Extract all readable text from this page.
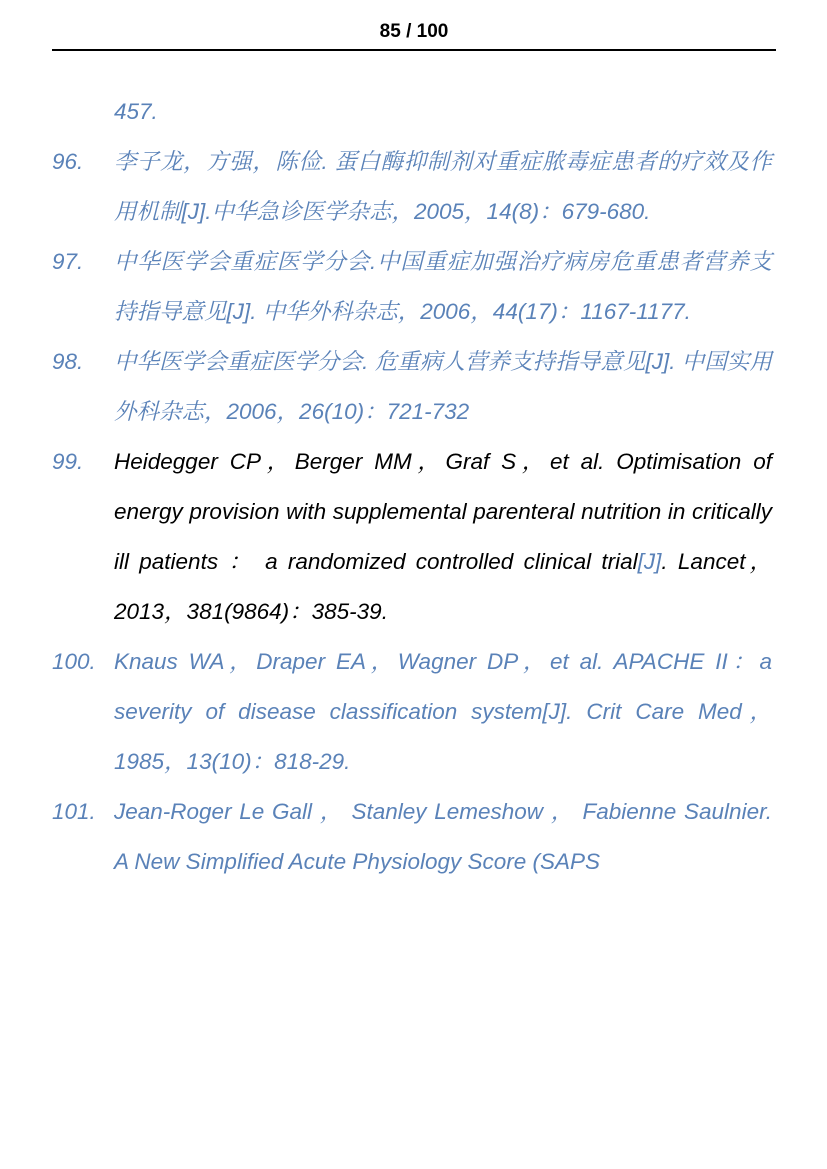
85 / 100
457.
96.	李子龙，方强，陈俭. 蛋白酶抑制剂对重症脓毒症患者的疗效及作用机制[J].中华急诊医学杂志，2005，14(8)：679-680.
97.	中华医学会重症医学分会.中国重症加强治疗病房危重患者营养支持指导意见[J]. 中华外科杂志，2006，44(17)：1167-1177.
98.	中华医学会重症医学分会. 危重病人营养支持指导意见[J]. 中国实用外科杂志，2006，26(10)：721-732
99.	Heidegger CP，Berger MM，Graf S，et al. Optimisation of energy provision with supplemental parenteral nutrition in critically ill patients ： a randomized controlled clinical trial[J]. Lancet，2013，381(9864)：385-39.
100. Knaus WA，Draper EA，Wagner DP，et al. APACHE II：a severity of disease classification system[J]. Crit Care Med，1985，13(10)：818-29.
101. Jean-Roger Le Gall ， Stanley Lemeshow ， Fabienne Saulnier. A New Simplified Acute Physiology Score (SAPS
